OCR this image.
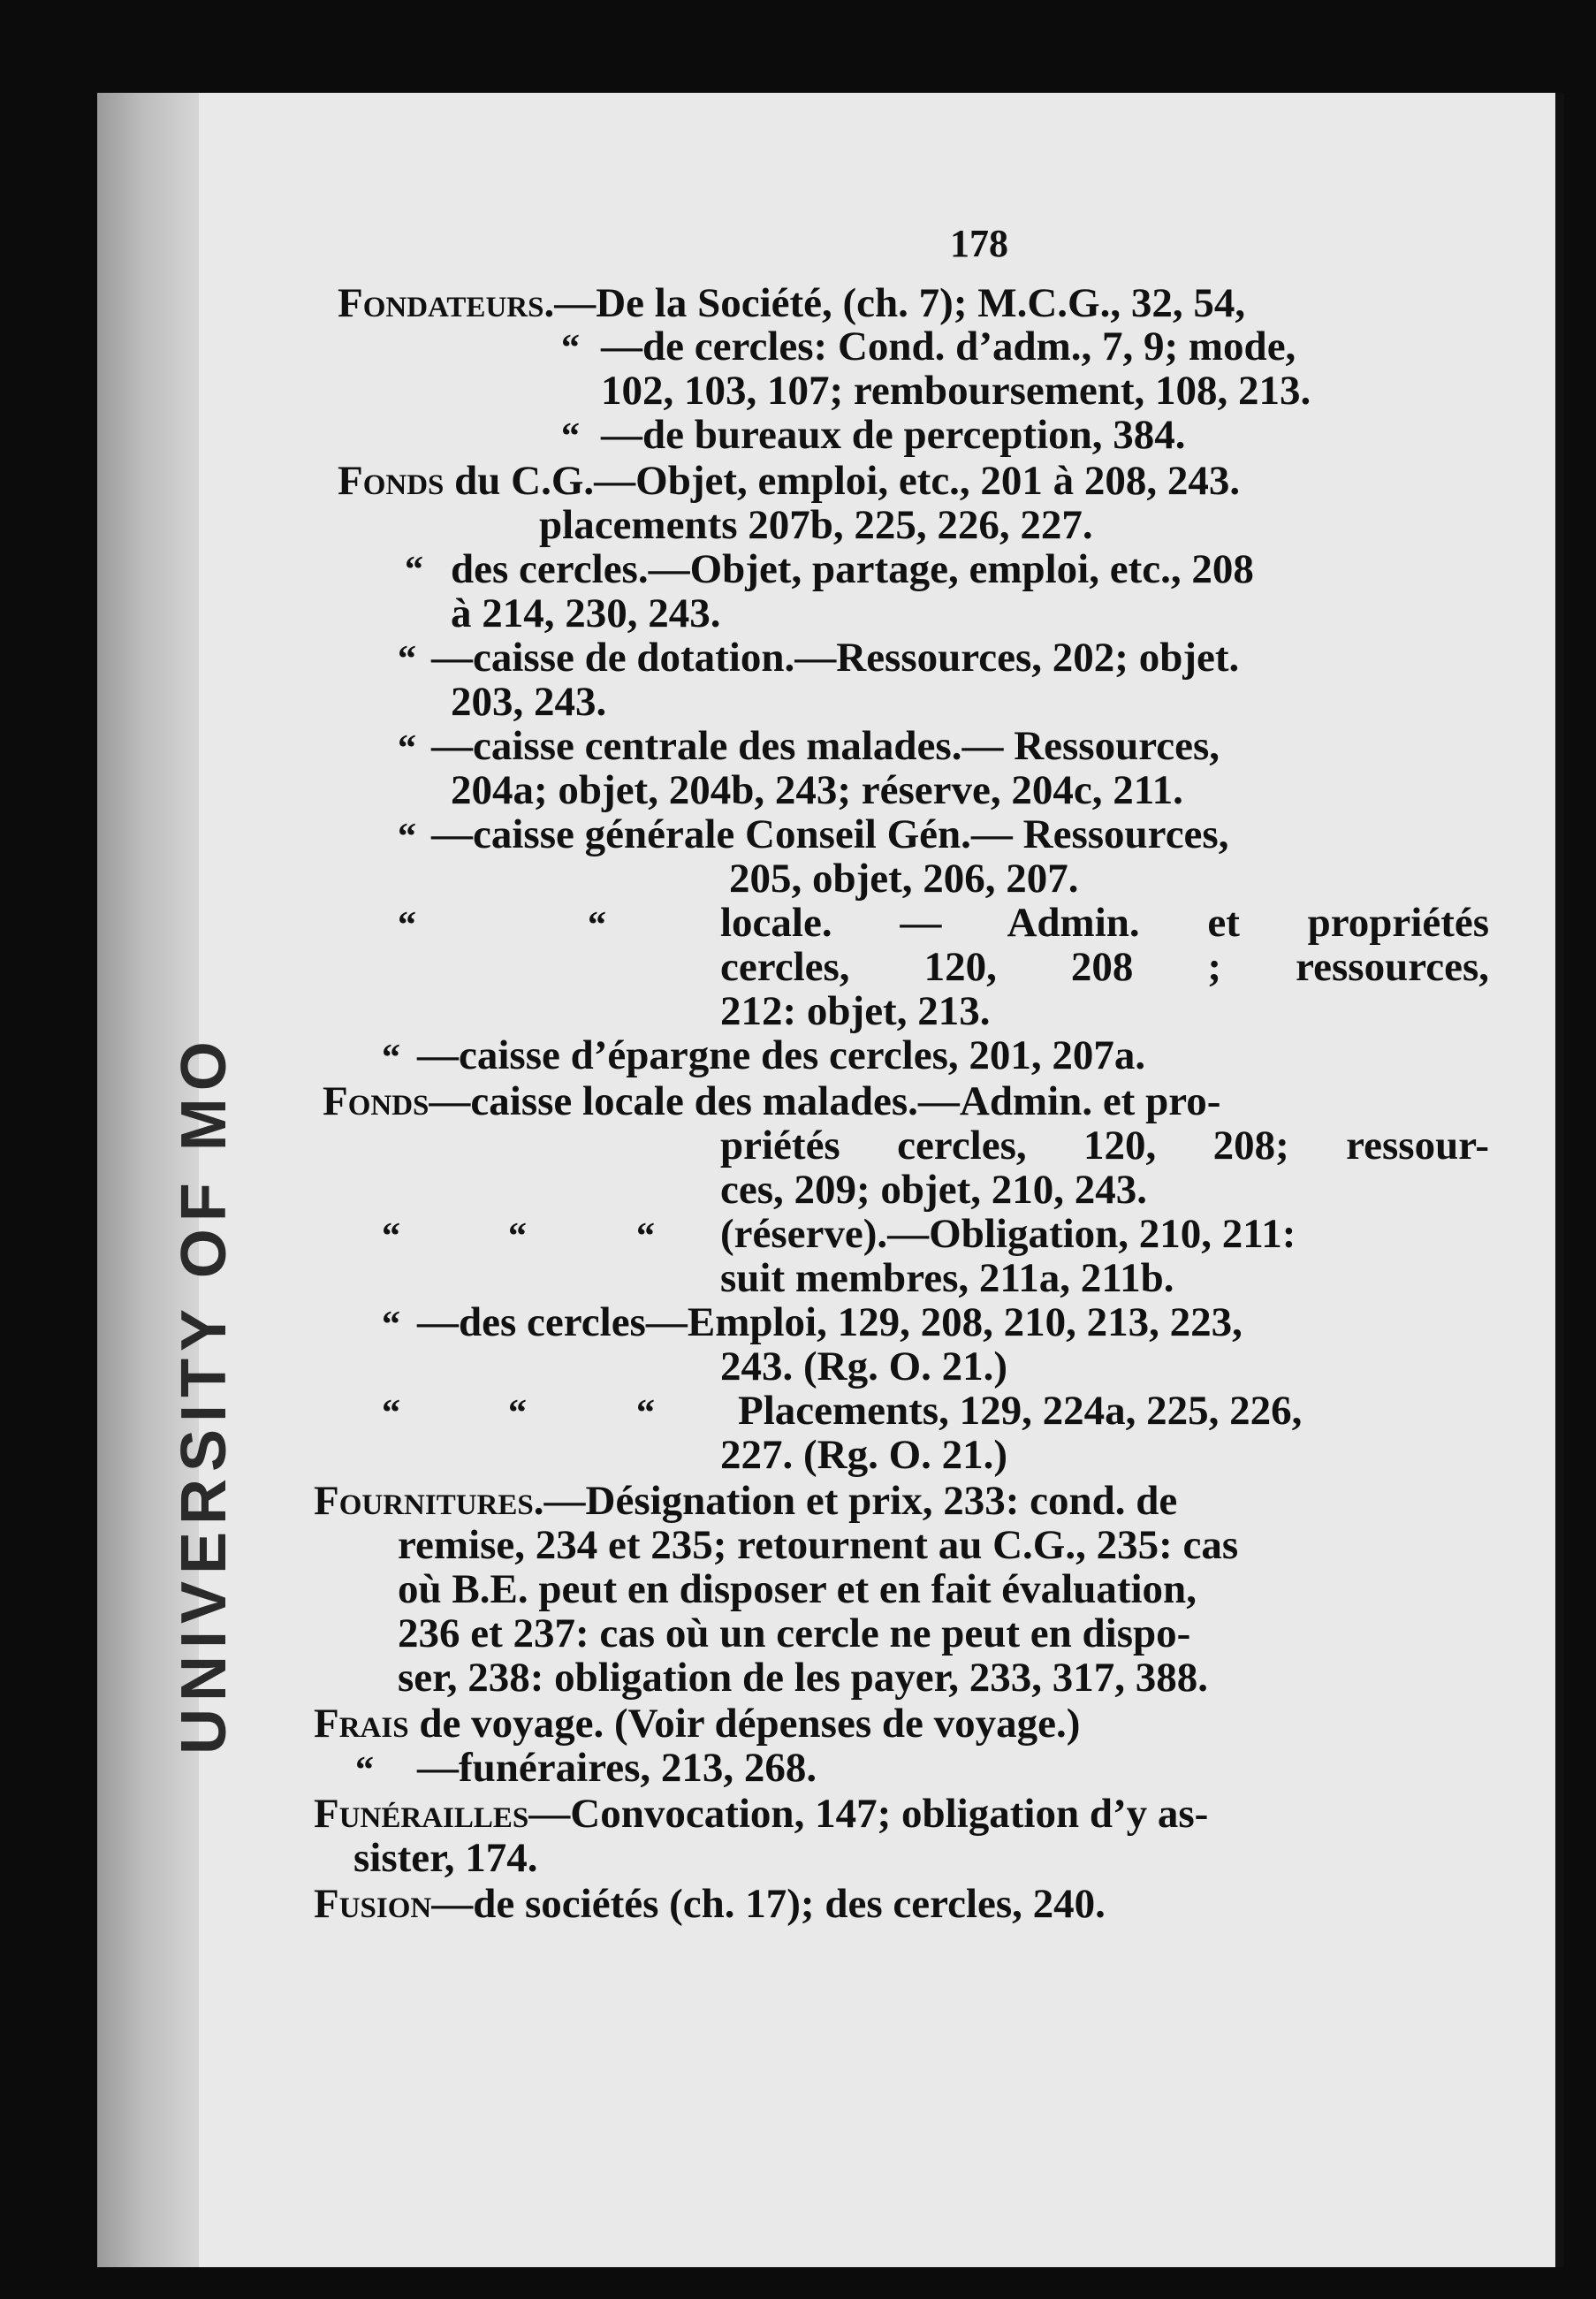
UNIVERSITY OF MO
178
Fondateurs.—De la Société, (ch. 7); M.C.G., 32, 54,
“ —de cercles: Cond. d’adm., 7, 9; mode,
102, 103, 107; remboursement, 108, 213.
“ —de bureaux de perception, 384.
Fonds du C.G.—Objet, emploi, etc., 201 à 208, 243.
placements 207b, 225, 226, 227.
“ des cercles.—Objet, partage, emploi, etc., 208
à 214, 230, 243.
“ —caisse de dotation.—Ressources, 202; objet.
203, 243.
“ —caisse centrale des malades.— Ressources,
204a; objet, 204b, 243; réserve, 204c, 211.
“ —caisse générale Conseil Gén.— Ressources,
205, objet, 206, 207.
“	“	locale. — Admin. et propriétés
cercles, 120, 208 ; ressources,
212: objet, 213.
“ —caisse d’épargne des cercles, 201, 207a.
Fonds—caisse locale des malades.—Admin. et pro-
priétés cercles, 120, 208; ressour-
ces, 209; objet, 210, 243.
“	“	“ (réserve).—Obligation, 210, 211:
suit membres, 211a, 211b.
“ —des cercles—Emploi, 129, 208, 210, 213, 223,
243. (Rg. O. 21.)
“	“	“ Placements, 129, 224a, 225, 226,
227. (Rg. O. 21.)
Fournitures.—Désignation et prix, 233: cond. de
remise, 234 et 235; retournent au C.G., 235: cas
où B.E. peut en disposer et en fait évaluation,
236 et 237: cas où un cercle ne peut en dispo-
ser, 238: obligation de les payer, 233, 317, 388.
Frais de voyage. (Voir dépenses de voyage.)
“ —funéraires, 213, 268.
Funérailles—Convocation, 147; obligation d’y as-
sister, 174.
Fusion—de sociétés (ch. 17); des cercles, 240.
